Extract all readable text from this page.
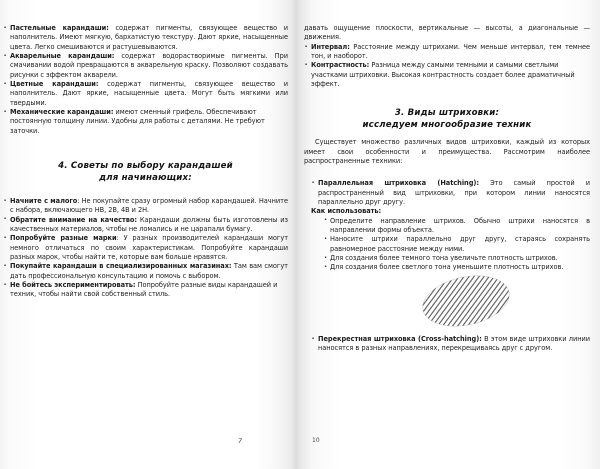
• Пастельные карандаши: содержат пигменты, связующее вещество и наполнитель. Имеют мягкую, бархатистую текстуру. Дают яркие, насыщенные цвета. Легко смешиваются и растушевываются.
• Акварельные карандаши: содержат водорастворимые пигменты. При смачивании водой превращаются в акварельную краску. Позволяют создавать рисунки с эффектом акварели.
• Цветные карандаши: содержат пигменты, связующее вещество и наполнитель. Дают яркие, насыщенные цвета. Могут быть мягкими или твердыми.
• Механические карандаши: имеют сменный грифель. Обеспечивают постоянную толщину линии. Удобны для работы с деталями. Не требуют заточки.
4. Советы по выбору карандашей
для начинающих:
• Начните с малого: Не покупайте сразу огромный набор карандашей. Начните с набора, включающего HB, 2B, 4B и 2H.
• Обратите внимание на качество: Карандаши должны быть изготовлены из качественных материалов, чтобы не ломались и не царапали бумагу.
• Попробуйте разные марки: У разных производителей карандаши могут немного отличаться по своим характеристикам. Попробуйте карандаши разных марок, чтобы найти те, которые вам больше нравятся.
• Покупайте карандаши в специализированных магазинах: Там вам смогут дать профессиональную консультацию и помочь с выбором.
• Не бойтесь экспериментировать: Попробуйте разные виды карандашей и техник, чтобы найти свой собственный стиль.
7

давать ощущение плоскости, вертикальные — высоты, а диагональные — движения.

• Интервал: Расстояние между штрихами. Чем меньше интервал, тем темнее тон, и наоборот.
• Контрастность: Разница между самыми темными и самыми светлыми участками штриховки. Высокая контрастность создает более драматичный эффект.
3. Виды штриховки:
исследуем многообразие техник

Существует множество различных видов штриховки, каждый из которых имеет свои особенности и преимущества. Рассмотрим наиболее распространенные техники:

• Параллельная штриховка (Hatching): Это самый простой и распространенный вид штриховки, при котором линии наносятся параллельно друг другу.

Как использовать:

• Определите направление штрихов. Обычно штрихи наносятся в направлении формы объекта.
• Наносите штрихи параллельно друг другу, стараясь сохранять равномерное расстояние между ними.
• Для создания более темного тона увеличьте плотность штрихов.
• Для создания более светлого тона уменьшите плотность штрихов.
• Перекрестная штриховка (Cross-hatching): В этом виде штриховки линии наносятся в разных направлениях, перекрещиваясь друг с другом.
10
